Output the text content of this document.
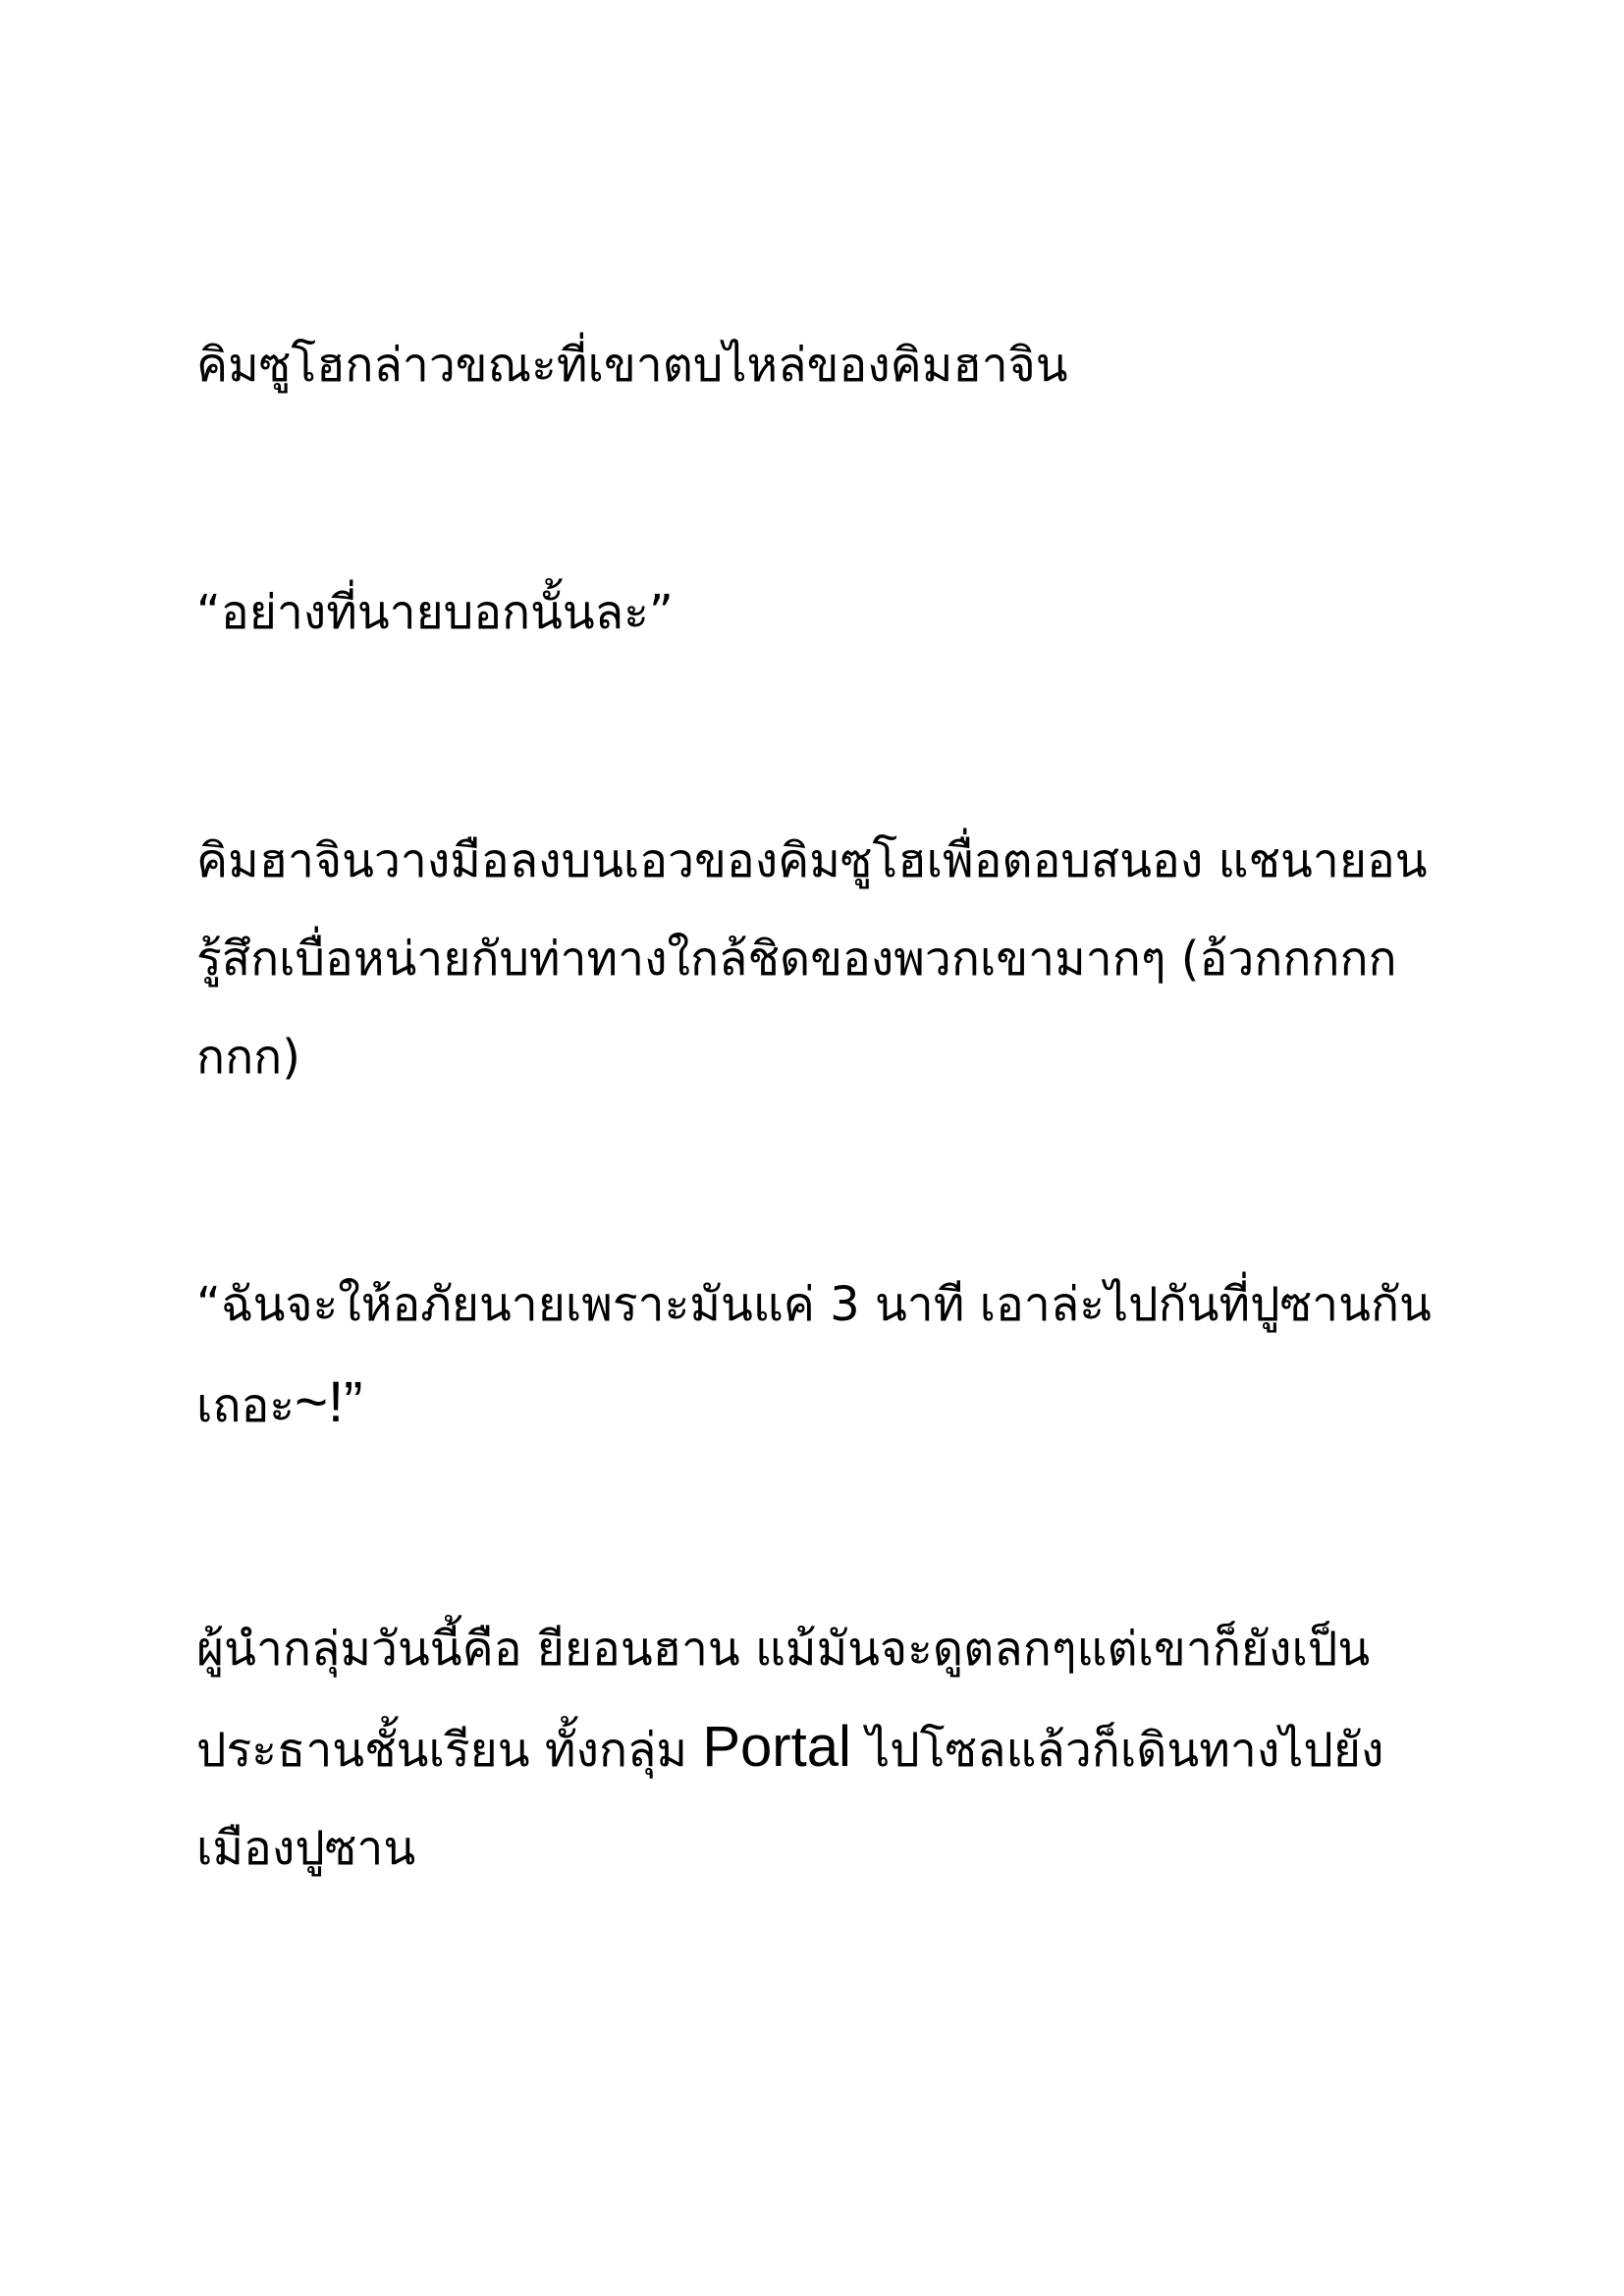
คิมซูโฮกล่าวขณะที่เขาตบไหล่ของคิมฮาจิน

“อย่างที่นายบอกนั้นละ”

คิมฮาจินวางมือลงบนเอวของคิมซูโฮเพื่อตอบสนอง แชนายอน
รู้สึกเบื่อหน่ายกับท่าทางใกล้ชิดของพวกเขามากๆ (อ้วกกกกก
กกก)

“ฉันจะให้อภัยนายเพราะมันแค่ 3 นาที เอาล่ะไปกันที่ปูซานกัน
เถอะ~!”

ผู้นำกลุ่มวันนี้คือ ยียอนฮาน แม้มันจะดูตลกๆแต่เขาก็ยังเป็น
ประธานชั้นเรียน ทั้งกลุ่ม Portal ไปโซลแล้วก็เดินทางไปยัง
เมืองปูซาน
